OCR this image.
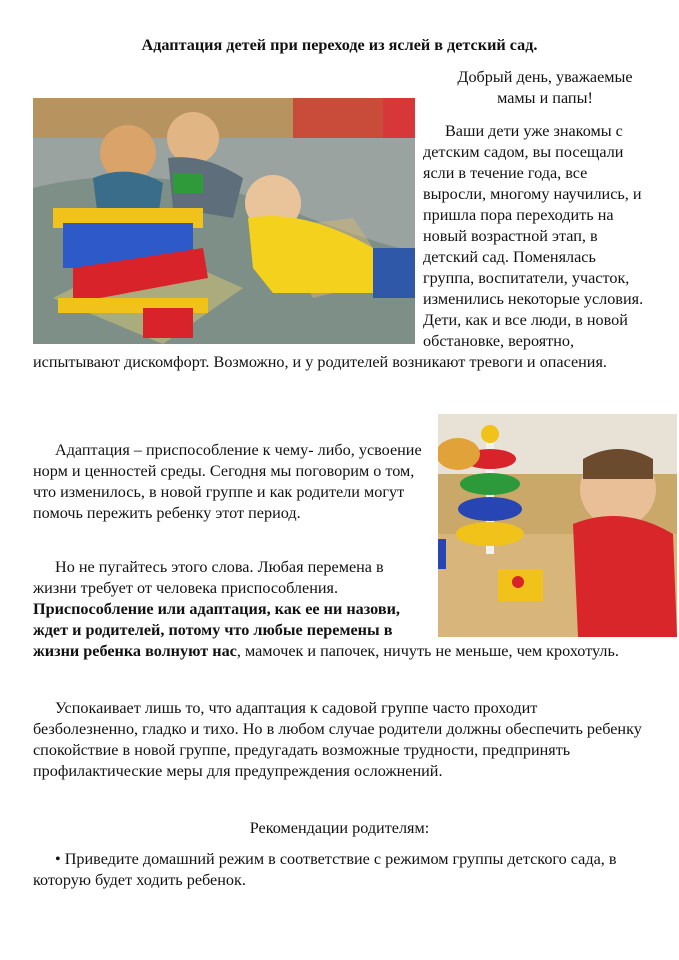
Адаптация детей при переходе из яслей в детский сад.
Добрый день, уважаемые
мамы и папы!
Ваши дети уже знакомы с детским садом, вы посещали ясли в течение года, все выросли, многому научились, и пришла пора переходить на новый возрастной этап, в детский сад. Поменялась группа, воспитатели, участок, изменились некоторые условия. Дети, как и все люди, в новой обстановке, вероятно, испытывают дискомфорт. Возможно, и у родителей возникают тревоги и опасения.
Адаптация – приспособление к чему- либо, усвоение норм и ценностей среды. Сегодня мы поговорим о том, что изменилось, в новой группе и как родители могут помочь пережить ребенку этот период.
Но не пугайтесь этого слова. Любая перемена в жизни требует от человека приспособления. Приспособление или адаптация, как ее ни назови, ждет и родителей, потому что любые перемены в жизни ребенка волнуют нас, мамочек и папочек, ничуть не меньше, чем крохотуль.
Успокаивает лишь то, что адаптация к садовой группе часто проходит безболезненно, гладко и тихо. Но в любом случае родители должны обеспечить ребенку спокойствие в новой группе, предугадать возможные трудности, предпринять профилактические меры для предупреждения осложнений.
Рекомендации родителям:
• Приведите домашний режим в соответствие с режимом группы детского сада, в которую будет ходить ребенок.
